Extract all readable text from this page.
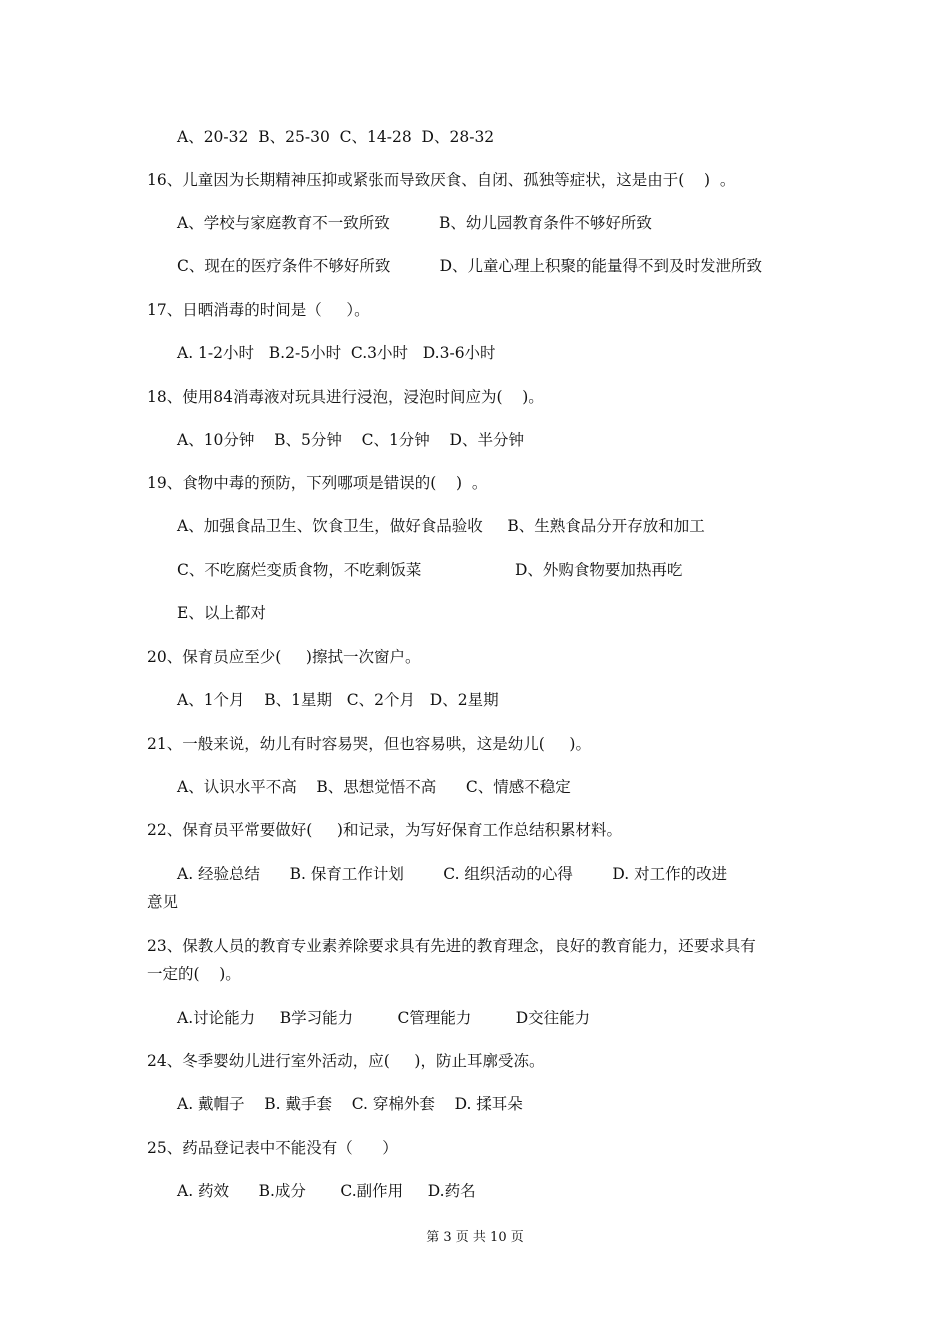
A、20-32  B、25-30  C、14-28  D、28-32
16、儿童因为长期精神压抑或紧张而导致厌食、自闭、孤独等症状，这是由于(    )  。
A、学校与家庭教育不一致所致          B、幼儿园教育条件不够好所致
C、现在的医疗条件不够好所致          D、儿童心理上积聚的能量得不到及时发泄所致
17、日晒消毒的时间是（     ）。
A. 1-2小时   B.2-5小时  C.3小时   D.3-6小时
18、使用84消毒液对玩具进行浸泡，浸泡时间应为(    )。
A、10分钟    B、5分钟    C、1分钟    D、半分钟
19、食物中毒的预防，下列哪项是错误的(    )  。
A、加强食品卫生、饮食卫生，做好食品验收     B、生熟食品分开存放和加工
C、不吃腐烂变质食物，不吃剩饭菜                   D、外购食物要加热再吃
E、以上都对
20、保育员应至少(     )擦拭一次窗户。
A、1个月    B、1星期   C、2个月   D、2星期
21、一般来说，幼儿有时容易哭，但也容易哄，这是幼儿(     )。
A、认识水平不高    B、思想觉悟不高      C、情感不稳定
22、保育员平常要做好(     )和记录，为写好保育工作总结积累材料。
A. 经验总结      B. 保育工作计划        C. 组织活动的心得        D. 对工作的改进
意见
23、保教人员的教育专业素养除要求具有先进的教育理念，良好的教育能力，还要求具有
一定的(    )。
A.讨论能力     B学习能力         C管理能力         D交往能力
24、冬季婴幼儿进行室外活动，应(     )，防止耳廓受冻。
A. 戴帽子    B. 戴手套    C. 穿棉外套    D. 揉耳朵
25、药品登记表中不能没有（      ）
A. 药效      B.成分       C.副作用     D.药名
第 3 页 共 10 页
